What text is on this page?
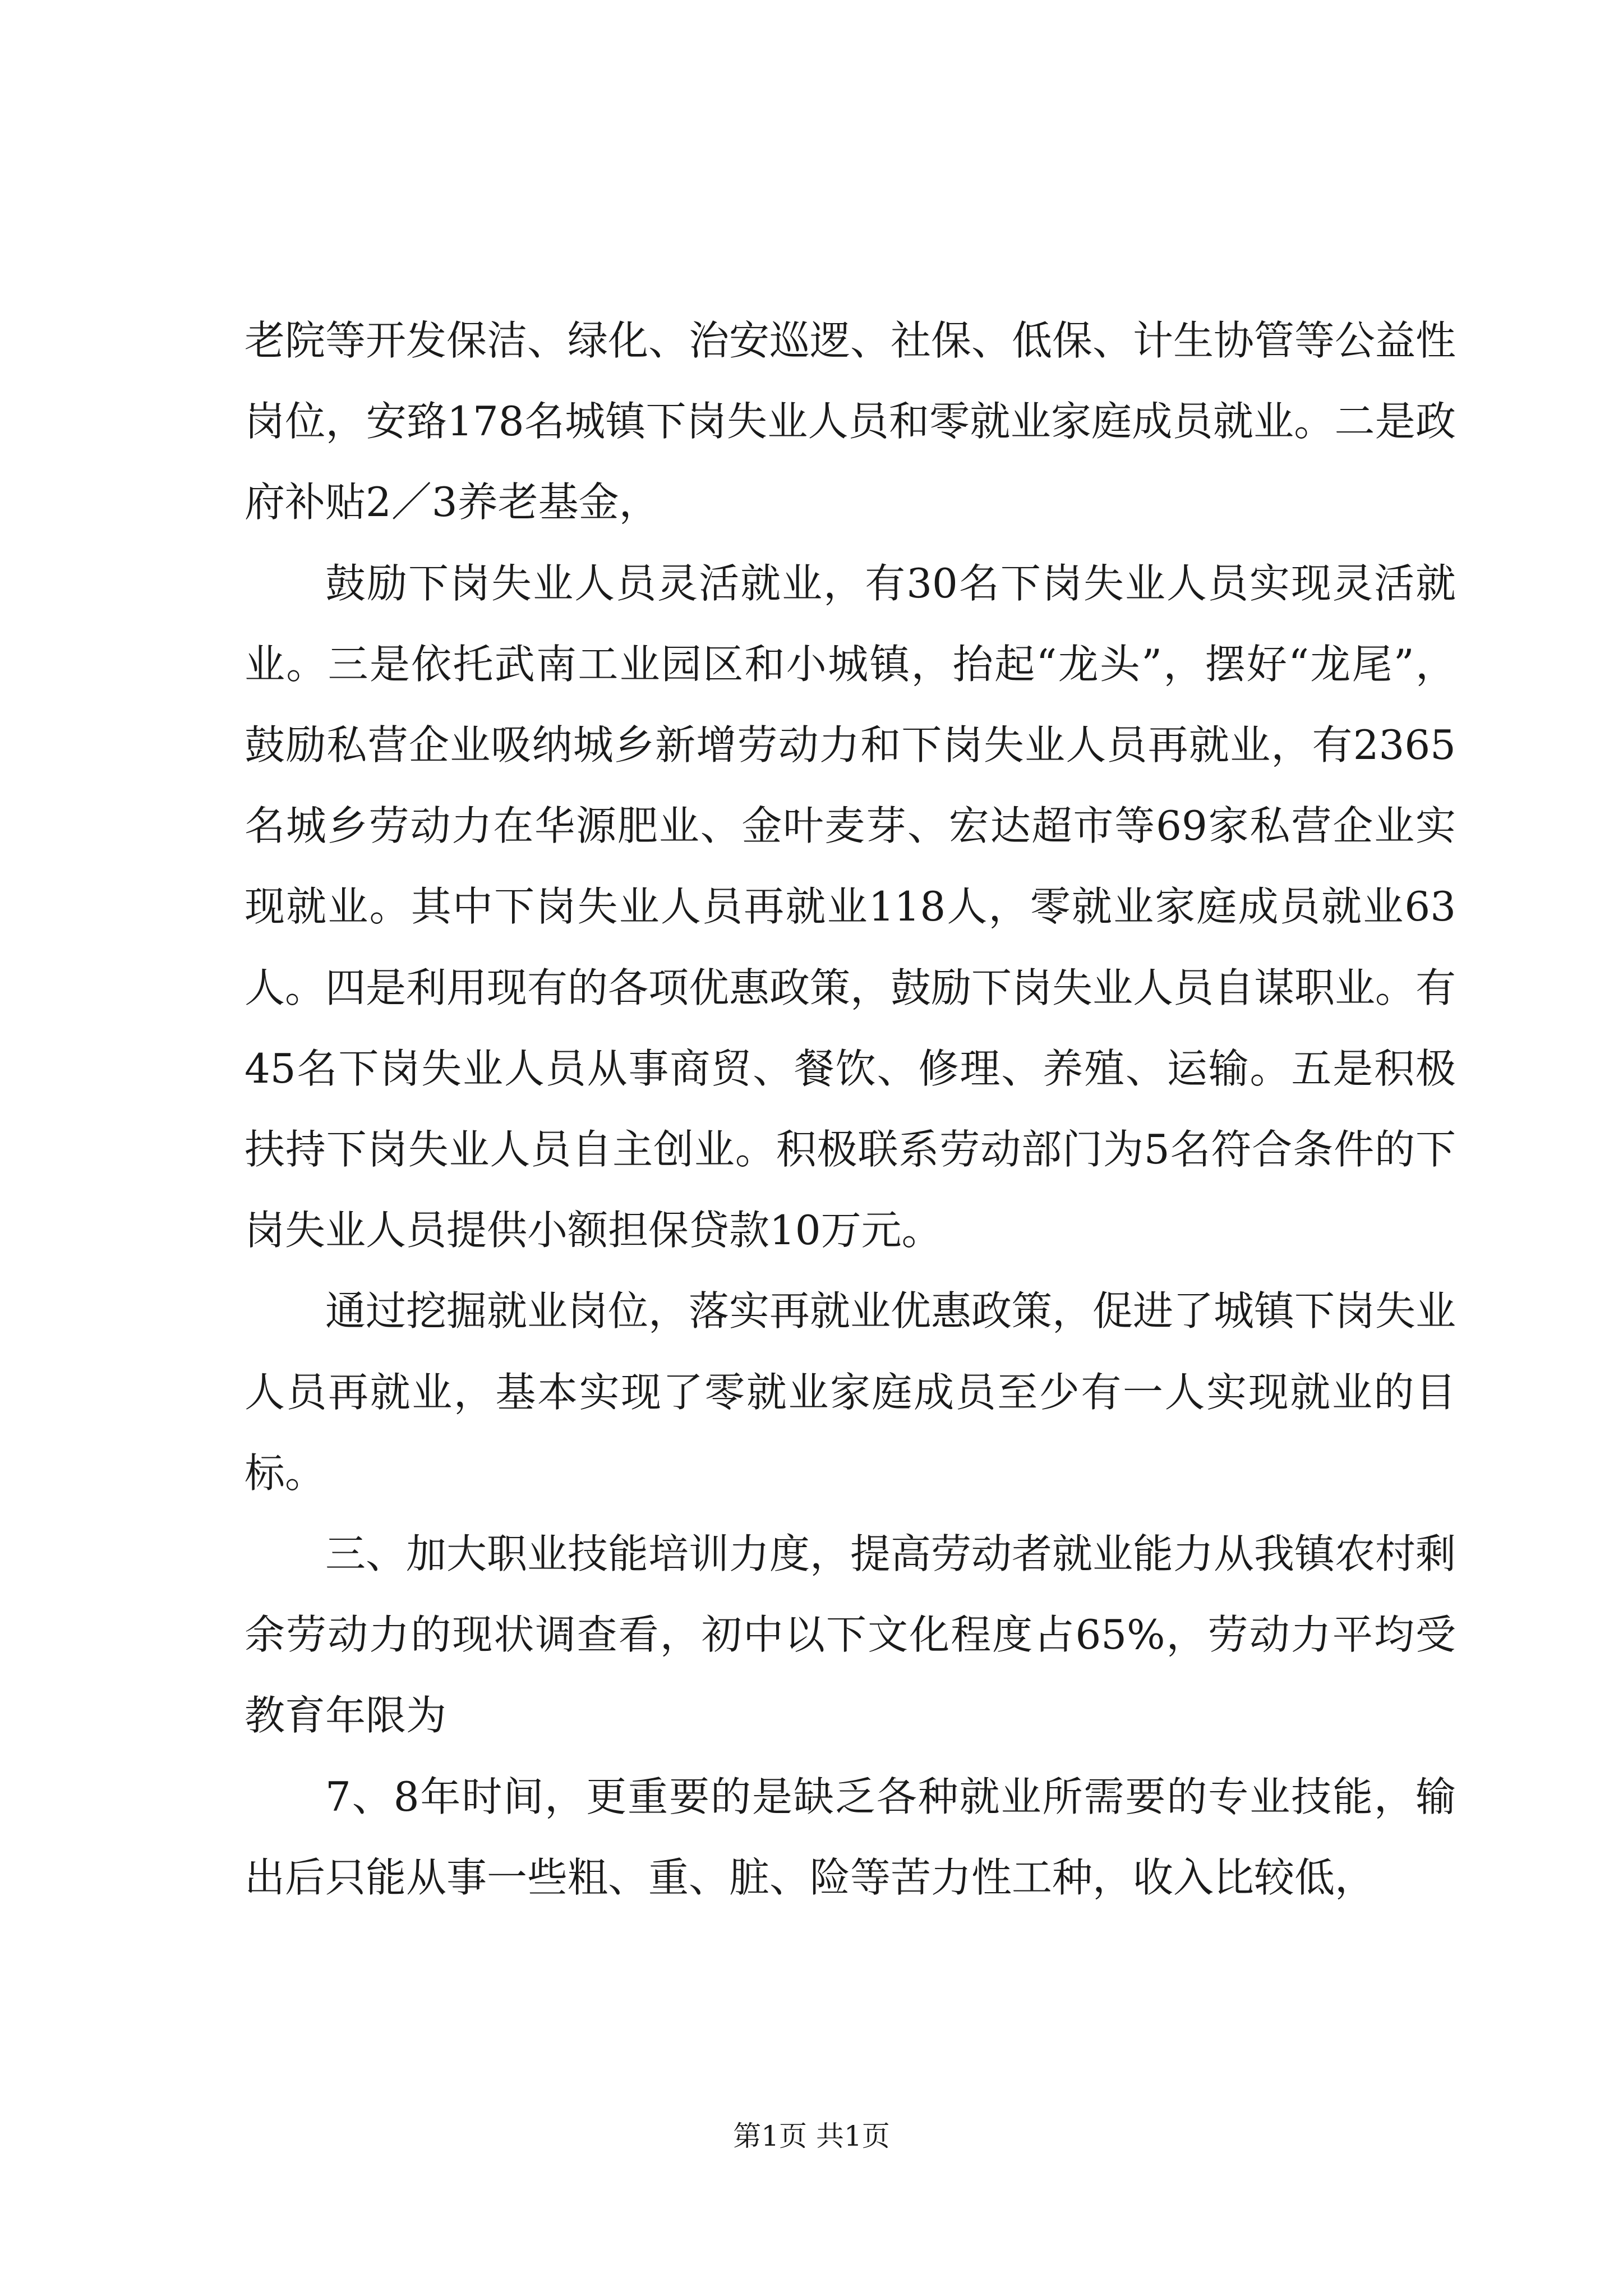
老院等开发保洁、绿化、治安巡逻、社保、低保、计生协管等公益性岗位，安臵178名城镇下岗失业人员和零就业家庭成员就业。二是政府补贴2／3养老基金，

鼓励下岗失业人员灵活就业，有30名下岗失业人员实现灵活就业。三是依托武南工业园区和小城镇，抬起“龙头”，摆好“龙尾”，鼓励私营企业吸纳城乡新增劳动力和下岗失业人员再就业，有2365名城乡劳动力在华源肥业、金叶麦芽、宏达超市等69家私营企业实现就业。其中下岗失业人员再就业118人，零就业家庭成员就业63人。四是利用现有的各项优惠政策，鼓励下岗失业人员自谋职业。有45名下岗失业人员从事商贸、餐饮、修理、养殖、运输。五是积极扶持下岗失业人员自主创业。积极联系劳动部门为5名符合条件的下岗失业人员提供小额担保贷款10万元。

通过挖掘就业岗位，落实再就业优惠政策，促进了城镇下岗失业人员再就业，基本实现了零就业家庭成员至少有一人实现就业的目标。

三、加大职业技能培训力度，提高劳动者就业能力从我镇农村剩余劳动力的现状调查看，初中以下文化程度占65%，劳动力平均受教育年限为

7、8年时间，更重要的是缺乏各种就业所需要的专业技能，输出后只能从事一些粗、重、脏、险等苦力性工种，收入比较低，

第1页 共1页
